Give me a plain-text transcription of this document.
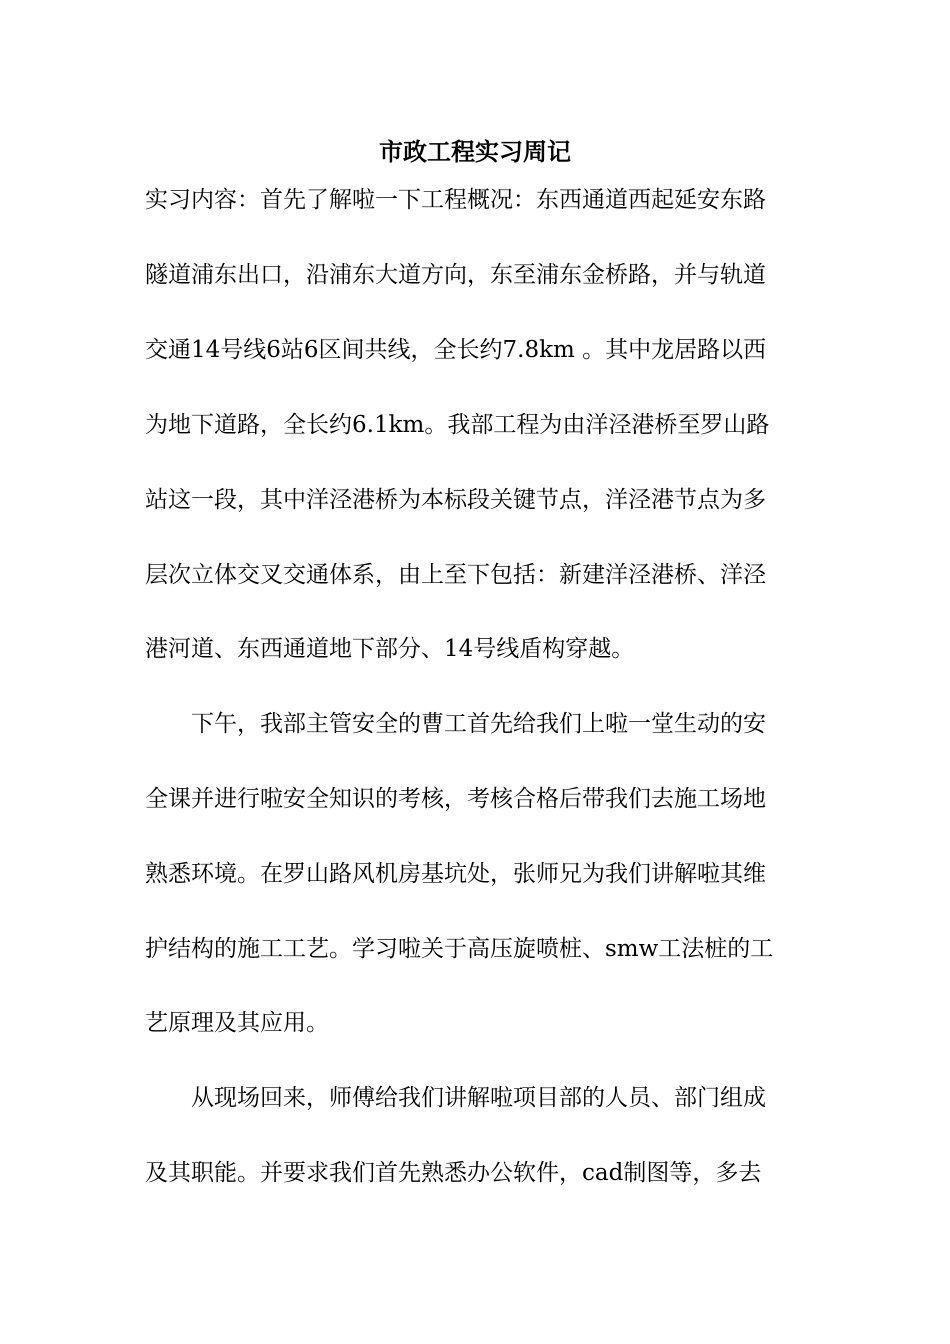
市政工程实习周记

实习内容：首先了解啦一下工程概况：东西通道西起延安东路

隧道浦东出口，沿浦东大道方向，东至浦东金桥路，并与轨道

交通14号线6站6区间共线，全长约7.8km 。其中龙居路以西

为地下道路，全长约6.1km。我部工程为由洋泾港桥至罗山路

站这一段，其中洋泾港桥为本标段关键节点，洋泾港节点为多

层次立体交叉交通体系，由上至下包括：新建洋泾港桥、洋泾

港河道、东西通道地下部分、14号线盾构穿越。

　　下午，我部主管安全的曹工首先给我们上啦一堂生动的安

全课并进行啦安全知识的考核，考核合格后带我们去施工场地

熟悉环境。在罗山路风机房基坑处，张师兄为我们讲解啦其维

护结构的施工工艺。学习啦关于高压旋喷桩、smw工法桩的工

艺原理及其应用。

　　从现场回来，师傅给我们讲解啦项目部的人员、部门组成

及其职能。并要求我们首先熟悉办公软件，cad制图等，多去
